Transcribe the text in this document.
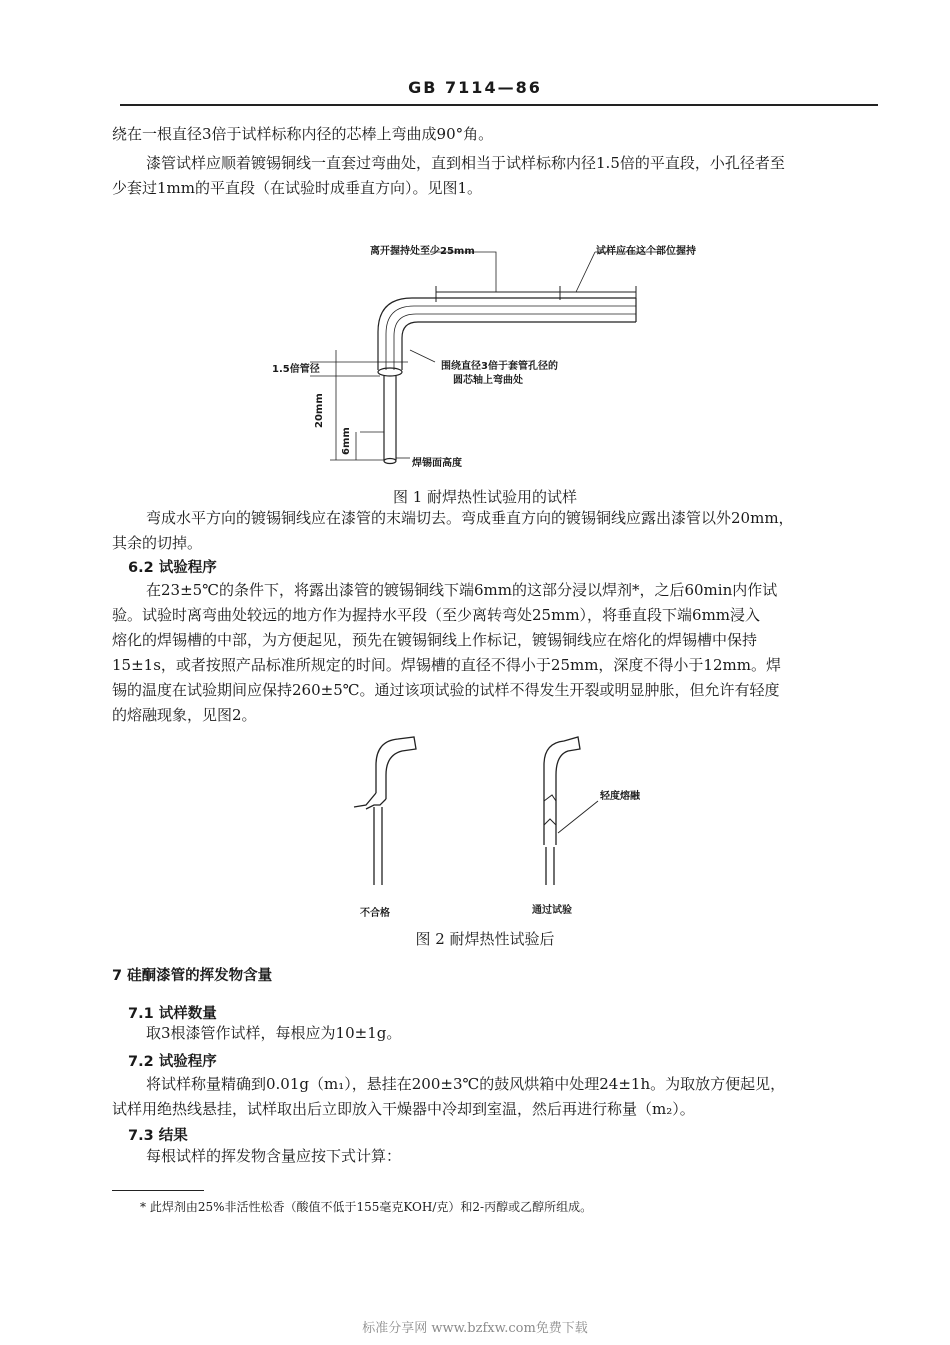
GB 7114—86
绕在一根直径3倍于试样标称内径的芯棒上弯曲成90°角。
漆管试样应顺着镀锡铜线一直套过弯曲处，直到相当于试样标称内径1.5倍的平直段，小孔径者至
少套过1mm的平直段（在试验时成垂直方向）。见图1。
离开握持处至少25mm	试样应在这个部位握持
围绕直径3倍于套管孔径的
圆芯轴上弯曲处
1.5倍管径
20mm
6mm
焊锡面高度
图 1 耐焊热性试验用的试样
弯成水平方向的镀锡铜线应在漆管的末端切去。弯成垂直方向的镀锡铜线应露出漆管以外20mm，
其余的切掉。
6.2 试验程序
在23±5℃的条件下，将露出漆管的镀锡铜线下端6mm的这部分浸以焊剂*，之后60min内作试
验。试验时离弯曲处较远的地方作为握持水平段（至少离转弯处25mm），将垂直段下端6mm浸入
熔化的焊锡槽的中部，为方便起见，预先在镀锡铜线上作标记，镀锡铜线应在熔化的焊锡槽中保持
15±1s，或者按照产品标准所规定的时间。焊锡槽的直径不得小于25mm，深度不得小于12mm。焊
锡的温度在试验期间应保持260±5℃。通过该项试验的试样不得发生开裂或明显肿胀，但允许有轻度
的熔融现象，见图2。
轻度熔融
不合格	通过试验
图 2 耐焊热性试验后
7 硅酮漆管的挥发物含量
7.1 试样数量
取3根漆管作试样，每根应为10±1g。
7.2 试验程序
将试样称量精确到0.01g（m₁），悬挂在200±3℃的鼓风烘箱中处理24±1h。为取放方便起见，
试样用绝热线悬挂，试样取出后立即放入干燥器中冷却到室温，然后再进行称量（m₂）。
7.3 结果
每根试样的挥发物含量应按下式计算：
* 此焊剂由25%非活性松香（酸值不低于155毫克KOH/克）和2-丙醇或乙醇所组成。
标准分享网 www.bzfxw.com免费下载
